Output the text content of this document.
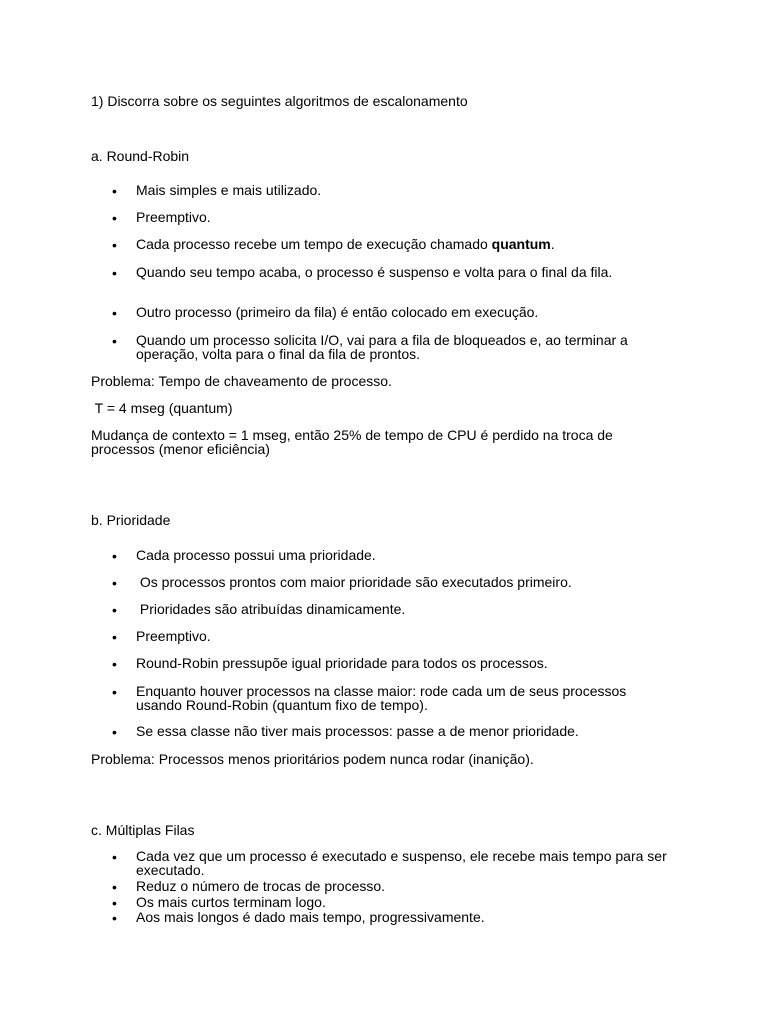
1) Discorra sobre os seguintes algoritmos de escalonamento
a. Round-Robin
• Mais simples e mais utilizado.
• Preemptivo.
• Cada processo recebe um tempo de execução chamado quantum.
• Quando seu tempo acaba, o processo é suspenso e volta para o final da fila.
• Outro processo (primeiro da fila) é então colocado em execução.
• Quando um processo solicita I/O, vai para a fila de bloqueados e, ao terminar a operação, volta para o final da fila de prontos.
Problema: Tempo de chaveamento de processo.
T = 4 mseg (quantum)
Mudança de contexto = 1 mseg, então 25% de tempo de CPU é perdido na troca de processos (menor eficiência)
b. Prioridade
• Cada processo possui uma prioridade.
• Os processos prontos com maior prioridade são executados primeiro.
• Prioridades são atribuídas dinamicamente.
• Preemptivo.
• Round-Robin pressupõe igual prioridade para todos os processos.
• Enquanto houver processos na classe maior: rode cada um de seus processos usando Round-Robin (quantum fixo de tempo).
• Se essa classe não tiver mais processos: passe a de menor prioridade.
Problema: Processos menos prioritários podem nunca rodar (inanição).
c. Múltiplas Filas
• Cada vez que um processo é executado e suspenso, ele recebe mais tempo para ser executado.
• Reduz o número de trocas de processo.
• Os mais curtos terminam logo.
• Aos mais longos é dado mais tempo, progressivamente.
